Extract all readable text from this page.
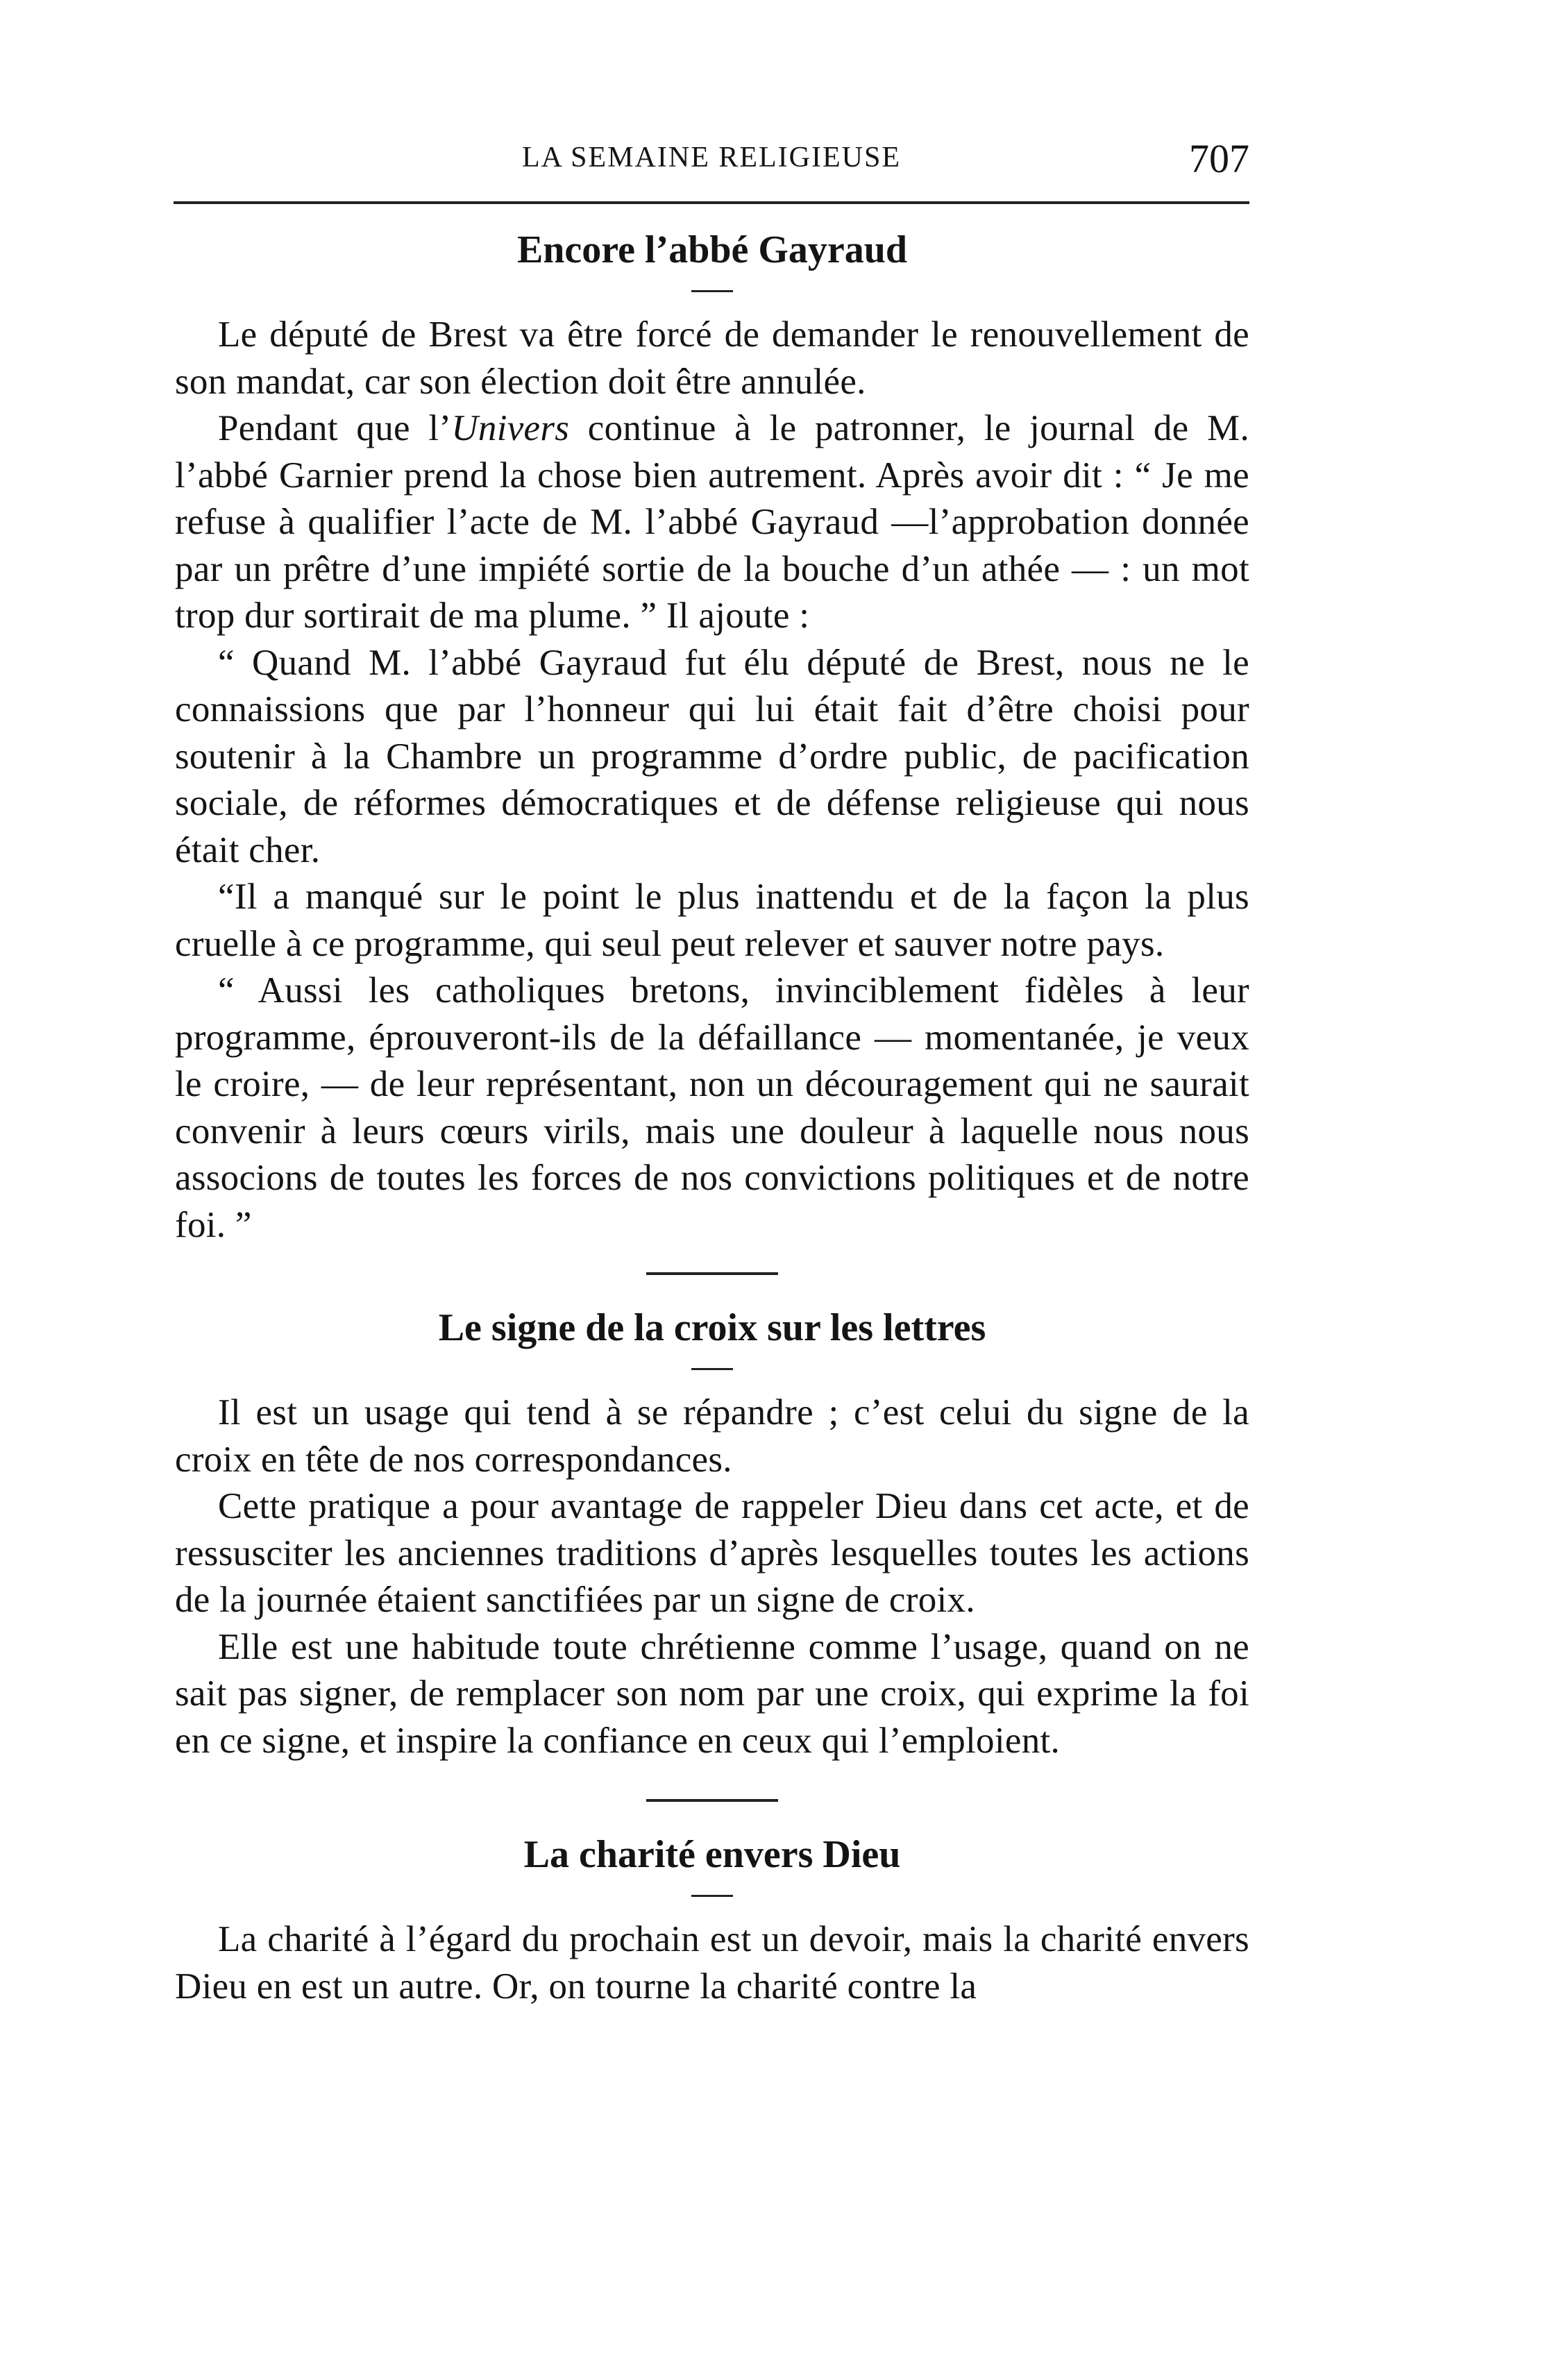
LA SEMAINE RELIGIEUSE	707
Encore l’abbé Gayraud

Le député de Brest va être forcé de demander le renouvellement de son mandat, car son élection doit être annulée.

Pendant que l’Univers continue à le patronner, le journal de M. l’abbé Garnier prend la chose bien autrement. Après avoir dit : “ Je me refuse à qualifier l’acte de M. l’abbé Gayraud —l’approbation donnée par un prêtre d’une impiété sortie de la bouche d’un athée — : un mot trop dur sortirait de ma plume. ” Il ajoute :

“ Quand M. l’abbé Gayraud fut élu député de Brest, nous ne le connaissions que par l’honneur qui lui était fait d’être choisi pour soutenir à la Chambre un programme d’ordre public, de pacification sociale, de réformes démocratiques et de défense religieuse qui nous était cher.

“Il a manqué sur le point le plus inattendu et de la façon la plus cruelle à ce programme, qui seul peut relever et sauver notre pays.

“ Aussi les catholiques bretons, invinciblement fidèles à leur programme, éprouveront-ils de la défaillance — momentanée, je veux le croire, — de leur représentant, non un découragement qui ne saurait convenir à leurs cœurs virils, mais une douleur à laquelle nous nous associons de toutes les forces de nos convictions politiques et de notre foi. ”

Le signe de la croix sur les lettres

Il est un usage qui tend à se répandre ; c’est celui du signe de la croix en tête de nos correspondances.

Cette pratique a pour avantage de rappeler Dieu dans cet acte, et de ressusciter les anciennes traditions d’après lesquelles toutes les actions de la journée étaient sanctifiées par un signe de croix.

Elle est une habitude toute chrétienne comme l’usage, quand on ne sait pas signer, de remplacer son nom par une croix, qui exprime la foi en ce signe, et inspire la confiance en ceux qui l’emploient.

La charité envers Dieu

La charité à l’égard du prochain est un devoir, mais la charité envers Dieu en est un autre. Or, on tourne la charité contre la
